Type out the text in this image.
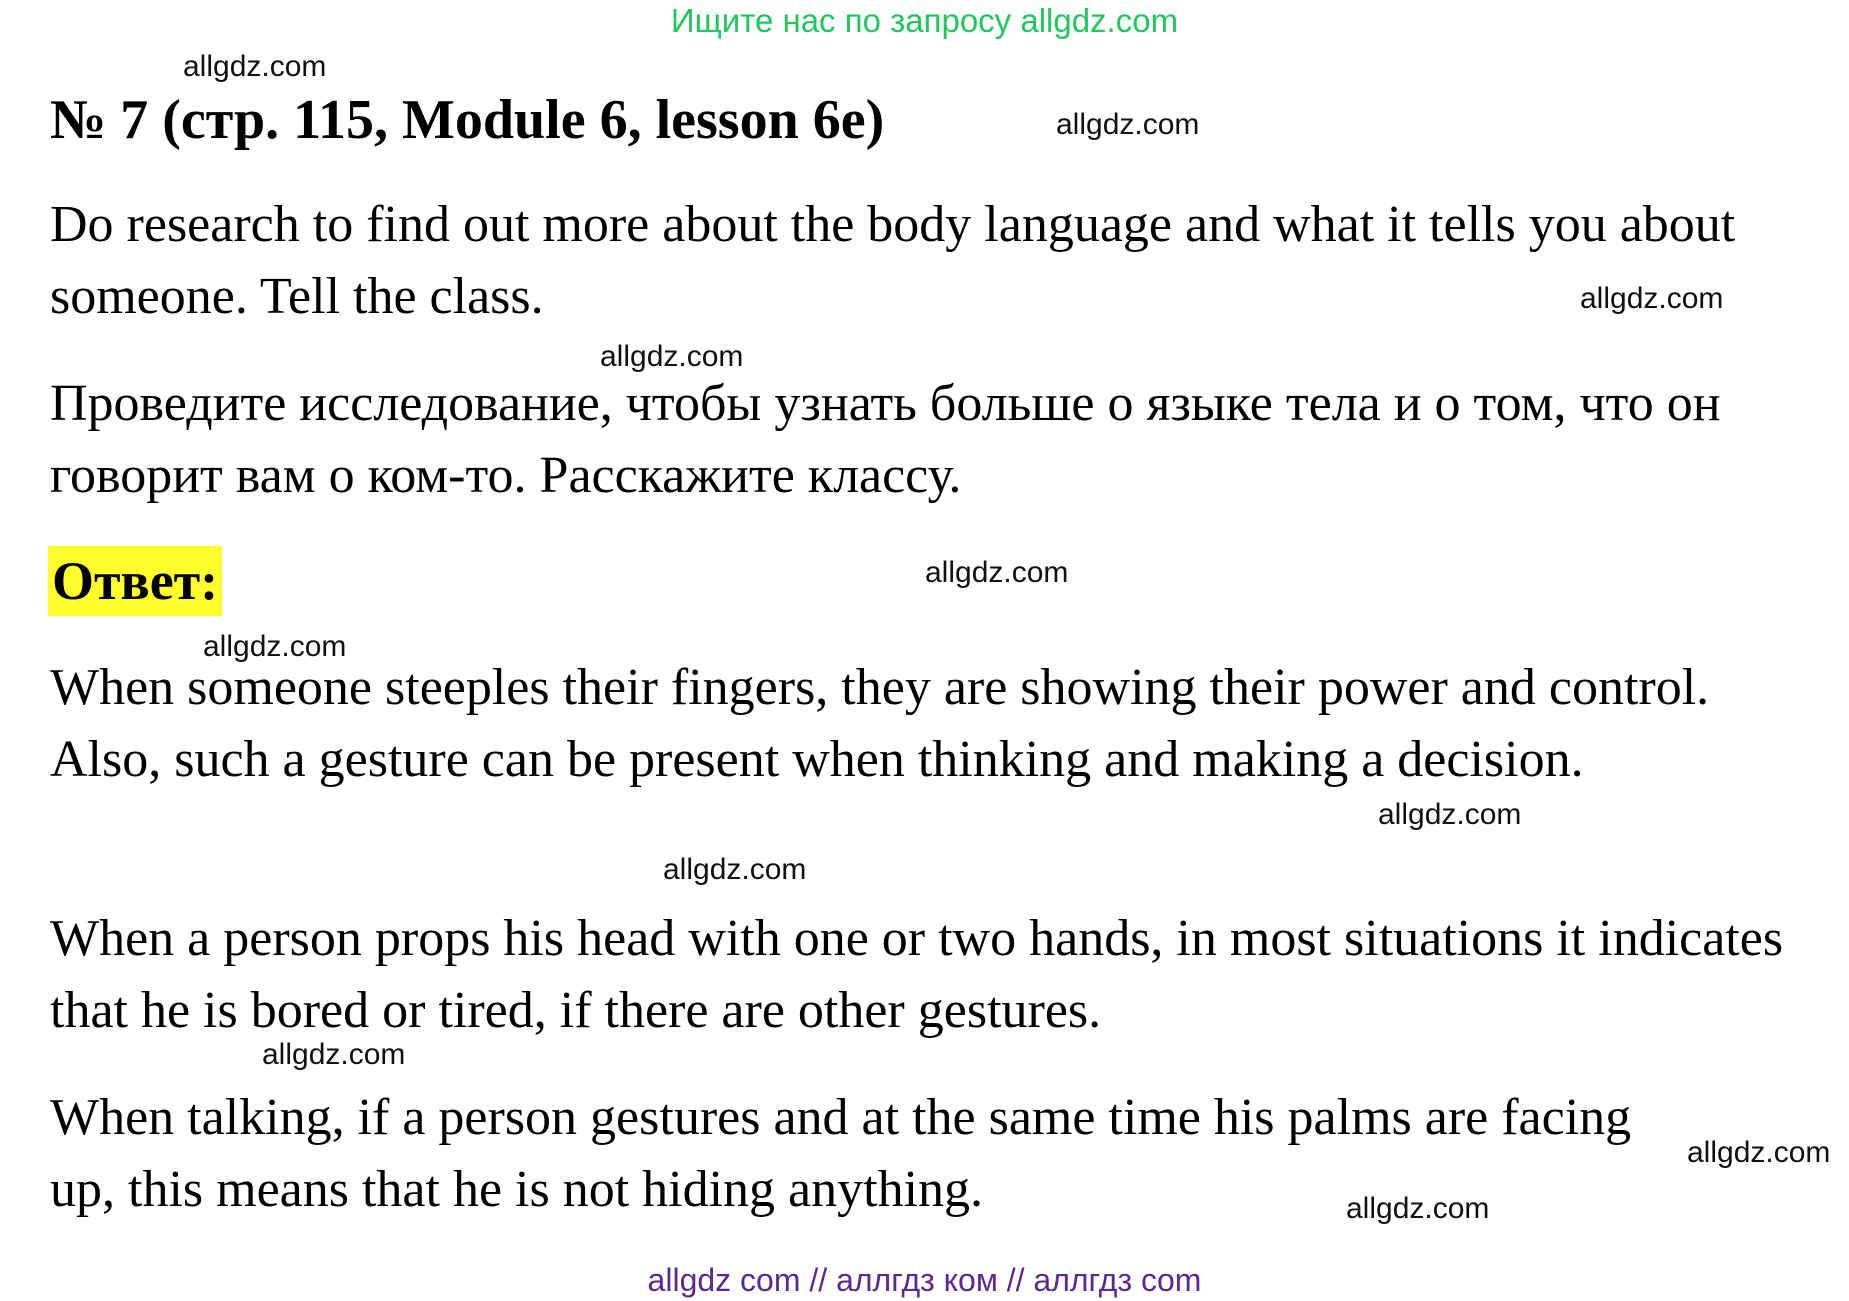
Ищите нас по запросу allgdz.com
allgdz.com
№ 7 (стр. 115, Module 6, lesson 6e)	allgdz.com

Do research to find out more about the body language and what it tells you about someone. Tell the class.	allgdz.com
allgdz.com

Проведите исследование, чтобы узнать больше о языке тела и о том, что он говорит вам о ком-то. Расскажите классу.

Ответ:	allgdz.com
allgdz.com

When someone steeples their fingers, they are showing their power and control. Also, such a gesture can be present when thinking and making a decision.

allgdz.com
allgdz.com

When a person props his head with one or two hands, in most situations it indicates that he is bored or tired, if there are other gestures.

allgdz.com

When talking, if a person gestures and at the same time his palms are facing up, this means that he is not hiding anything.

allgdz.com
allgdz.com
allgdz com // аллгдз ком // аллгдз com
